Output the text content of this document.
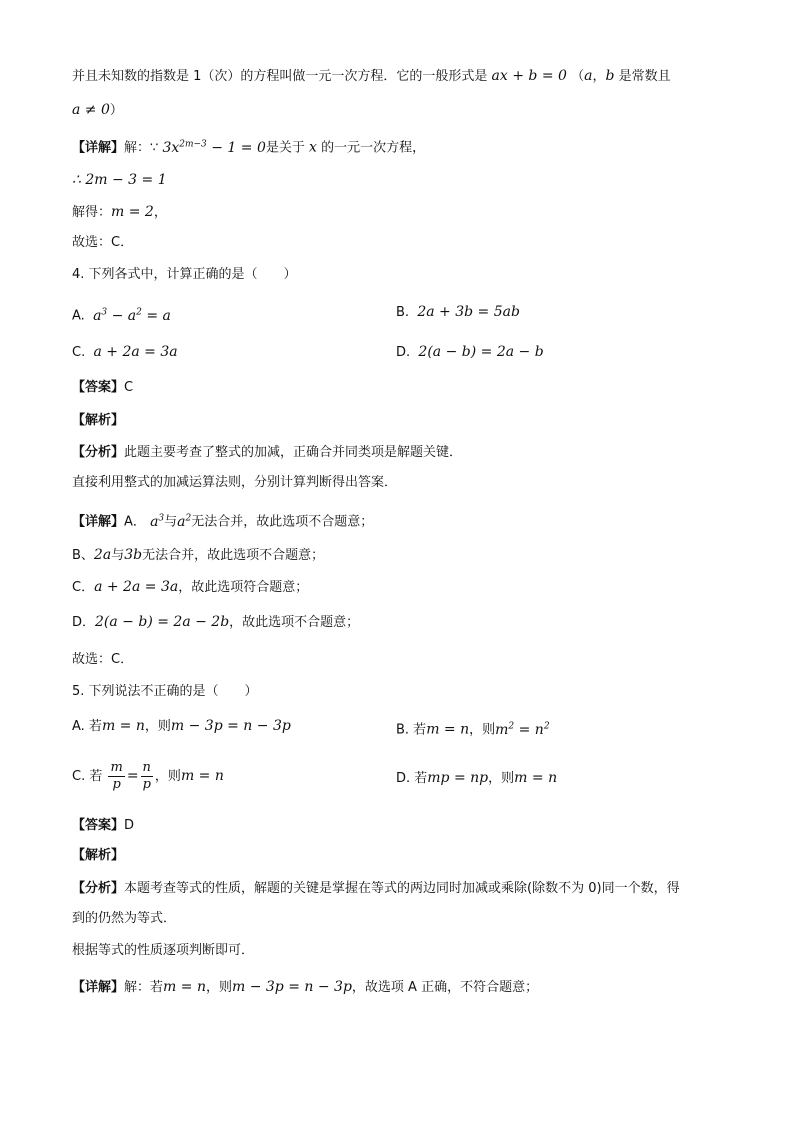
并且未知数的指数是 1（次）的方程叫做一元一次方程．它的一般形式是 ax + b = 0 （a，b 是常数且
a ≠ 0）
【详解】解：∵ $3x^{2m-3} - 1 = 0$是关于 x 的一元一次方程，
∴ 2m − 3 = 1
解得：m = 2，
故选：C．
4. 下列各式中，计算正确的是（　　）
A. $a^3 - a^2 = a$	B. 2a + 3b = 5ab
C. a + 2a = 3a	D. 2(a − b) = 2a − b
【答案】C
【解析】
【分析】此题主要考查了整式的加减，正确合并同类项是解题关键．
直接利用整式的加减运算法则，分别计算判断得出答案．
【详解】A． $a^3$与$a^2$无法合并，故此选项不合题意；
B、2a与3b无法合并，故此选项不合题意；
C．a + 2a = 3a，故此选项符合题意；
D．2(a − b) = 2a − 2b，故此选项不合题意；
故选：C．
5. 下列说法不正确的是（　　）
A. 若m = n，则m − 3p = n − 3p	B. 若m = n，则$m^2 = n^2$
C. 若 $\frac{m}{p} = \frac{n}{p}$ ，则m = n	D. 若mp = np，则m = n
【答案】D
【解析】
【分析】本题考查等式的性质，解题的关键是掌握在等式的两边同时加减或乘除(除数不为 0)同一个数，得
到的仍然为等式．
根据等式的性质逐项判断即可．
【详解】解：若m = n，则m − 3p = n − 3p，故选项 A 正确，不符合题意；
